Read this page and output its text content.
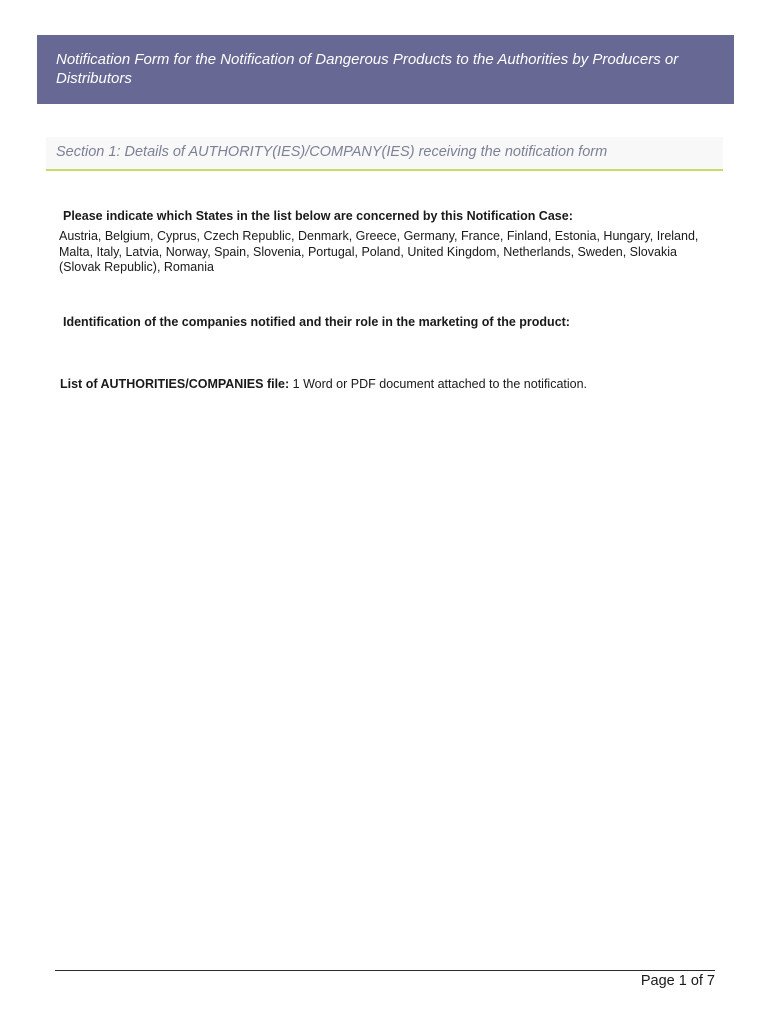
Notification Form for the Notification of Dangerous Products to the Authorities by Producers or Distributors

Section 1: Details of AUTHORITY(IES)/COMPANY(IES) receiving the notification form

Please indicate which States in the list below are concerned by this Notification Case:

Austria, Belgium, Cyprus, Czech Republic, Denmark, Greece, Germany, France, Finland, Estonia, Hungary, Ireland, Malta, Italy, Latvia, Norway, Spain, Slovenia, Portugal, Poland, United Kingdom, Netherlands, Sweden, Slovakia (Slovak Republic), Romania

Identification of the companies notified and their role in the marketing of the product:

List of AUTHORITIES/COMPANIES file: 1 Word or PDF document attached to the notification.

Page 1 of 7
